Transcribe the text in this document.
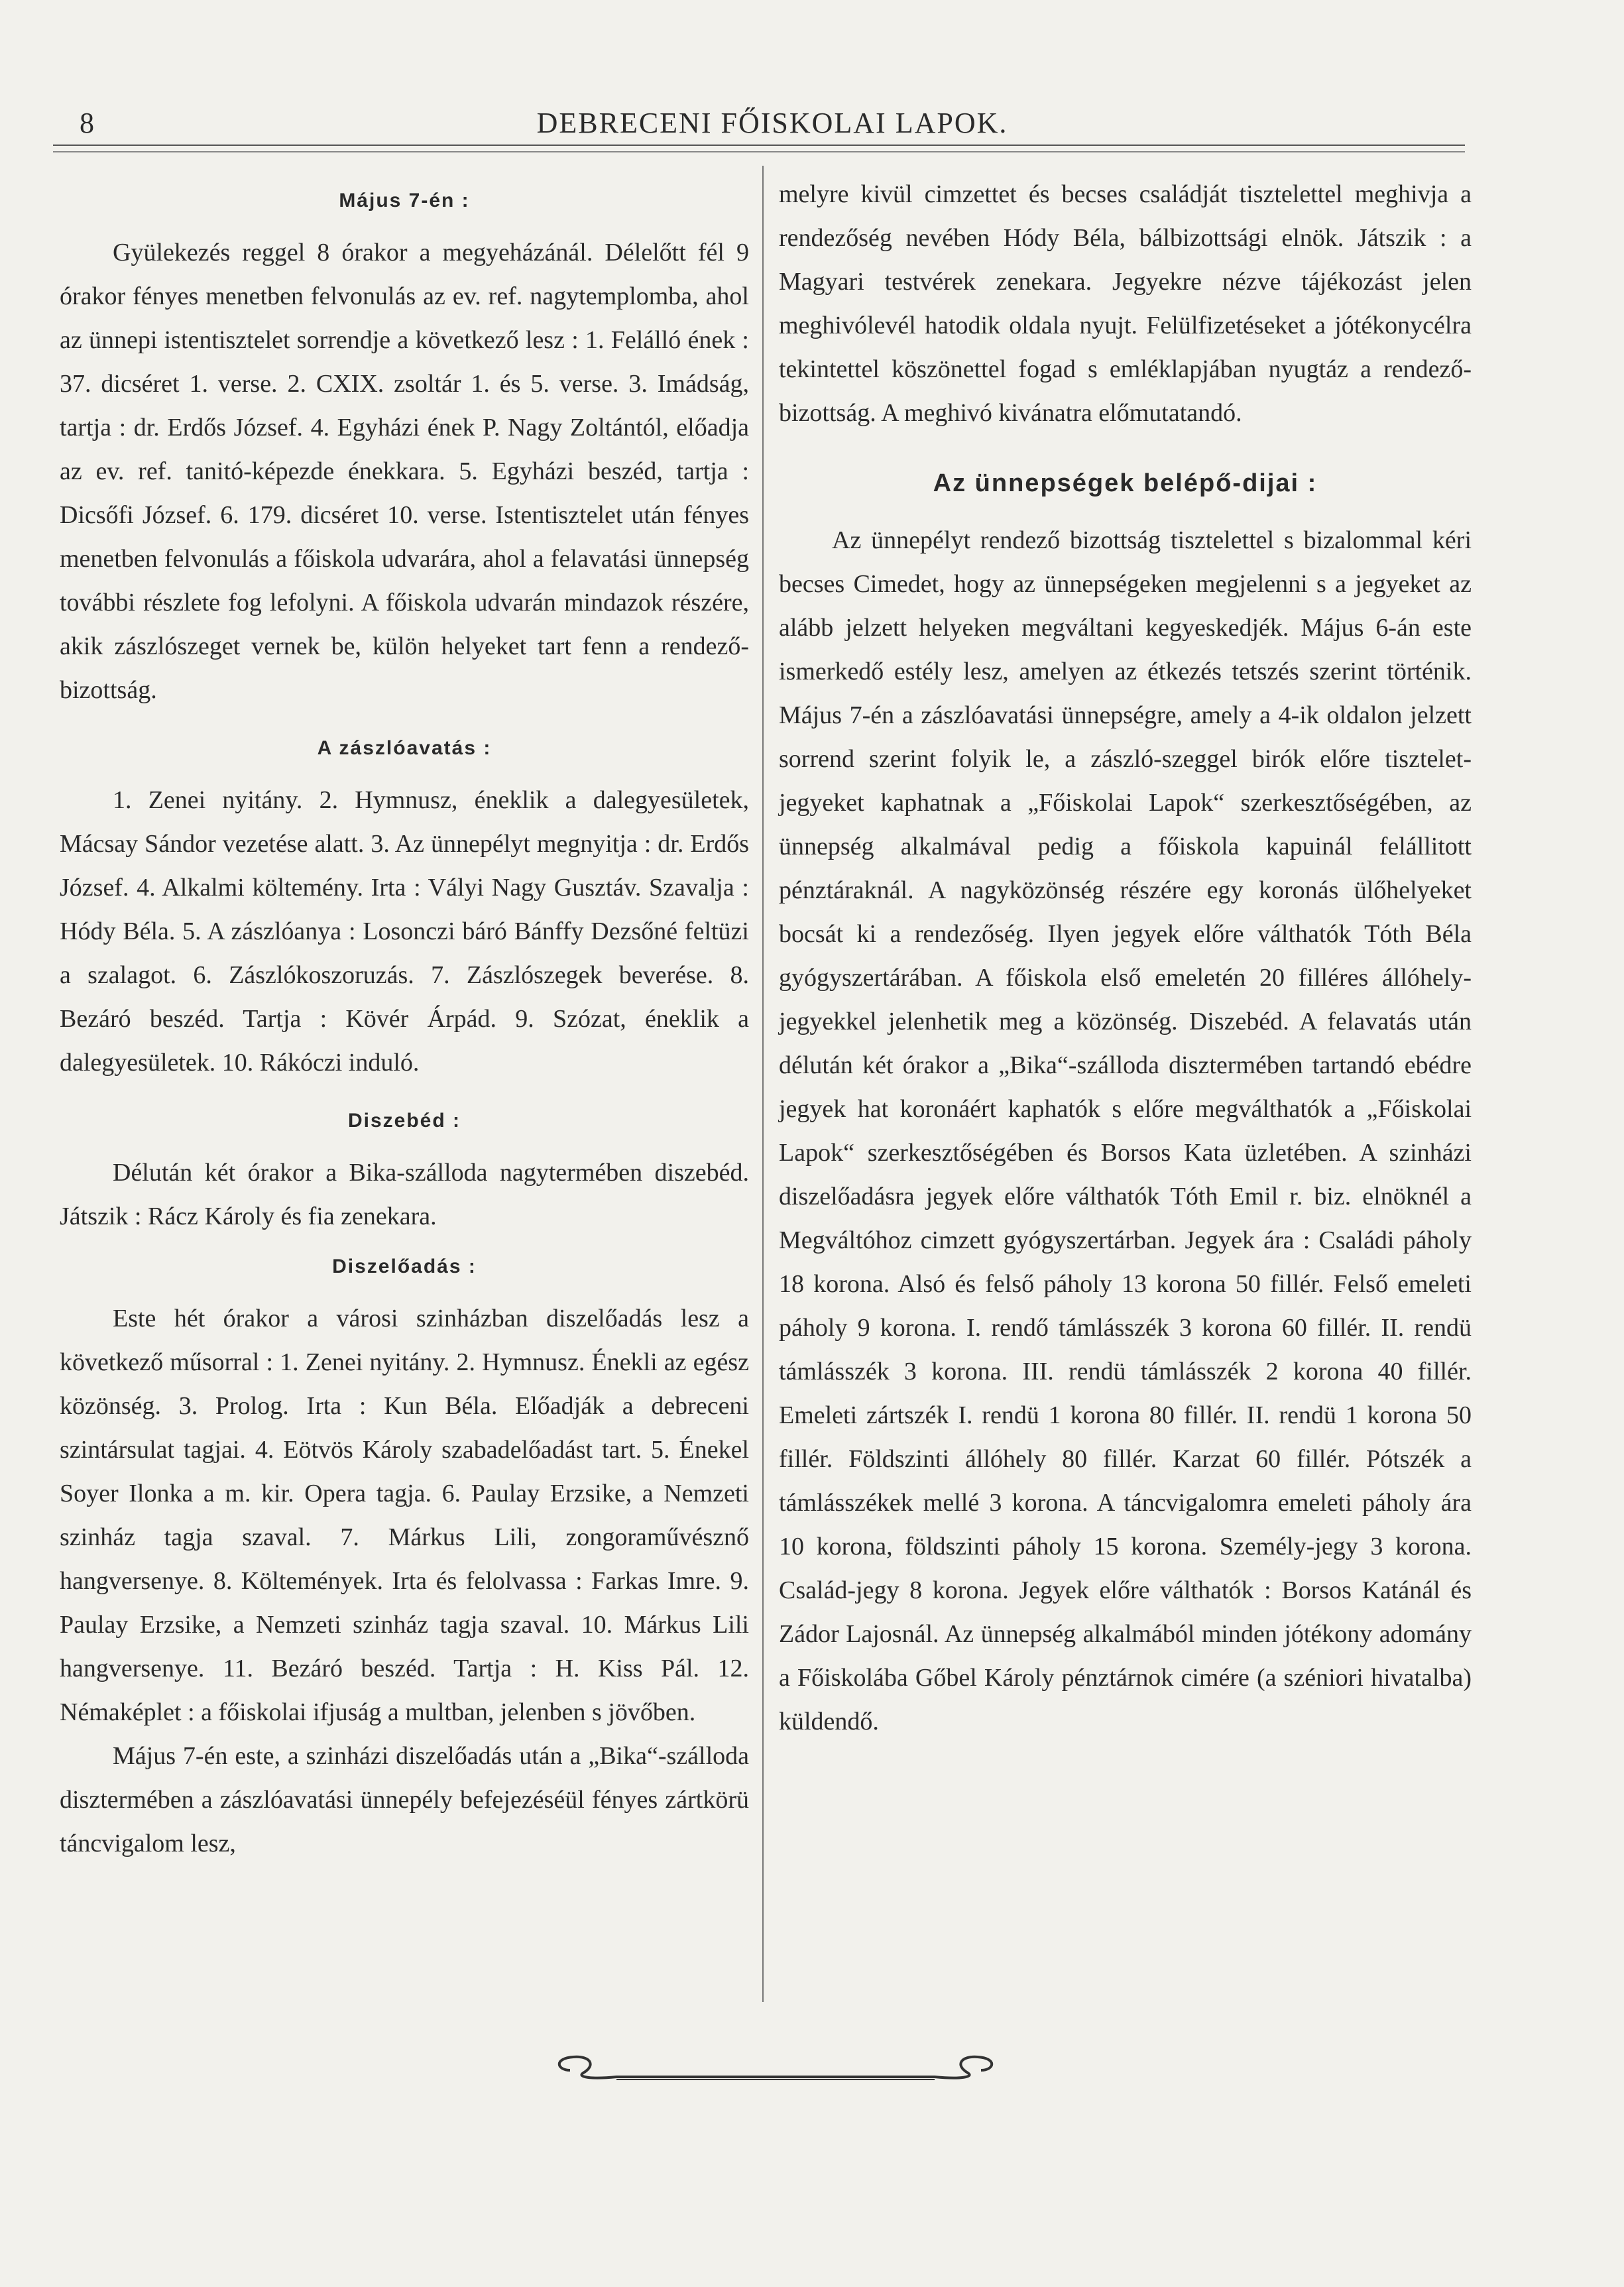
8	DEBRECENI FŐISKOLAI LAPOK.
Május 7-én :

Gyülekezés reggel 8 órakor a megyeházánál. Délelőtt fél 9 órakor fényes menetben felvonulás az ev. ref. nagytemplomba, ahol az ünnepi istentisztelet sorrendje a következő lesz : 1. Felálló ének : 37. dicséret 1. verse. 2. CXIX. zsoltár 1. és 5. verse. 3. Imádság, tartja : dr. Erdős József. 4. Egyházi ének P. Nagy Zoltántól, előadja az ev. ref. tanitó-képezde énekkara. 5. Egyházi beszéd, tartja : Dicsőfi József. 6. 179. dicséret 10. verse. Istentisztelet után fényes menetben felvonulás a főiskola udvarára, ahol a felavatási ünnepség további részlete fog lefolyni. A főiskola udvarán mindazok részére, akik zászlószeget vernek be, külön helyeket tart fenn a rendező-bizottság.

A zászlóavatás :

1. Zenei nyitány. 2. Hymnusz, éneklik a dalegyesületek, Mácsay Sándor vezetése alatt. 3. Az ünnepélyt megnyitja : dr. Erdős József. 4. Alkalmi költemény. Irta : Vályi Nagy Gusztáv. Szavalja : Hódy Béla. 5. A zászlóanya : Losonczi báró Bánffy Dezsőné feltüzi a szalagot. 6. Zászlókoszoruzás. 7. Zászlószegek beverése. 8. Bezáró beszéd. Tartja : Kövér Árpád. 9. Szózat, éneklik a dalegyesületek. 10. Rákóczi induló.

Diszebéd :

Délután két órakor a Bika-szálloda nagytermében diszebéd. Játszik : Rácz Károly és fia zenekara.

Diszelőadás :

Este hét órakor a városi szinházban diszelőadás lesz a következő műsorral : 1. Zenei nyitány. 2. Hymnusz. Énekli az egész közönség. 3. Prolog. Irta : Kun Béla. Előadják a debreceni szintársulat tagjai. 4. Eötvös Károly szabadelőadást tart. 5. Énekel Soyer Ilonka a m. kir. Opera tagja. 6. Paulay Erzsike, a Nemzeti szinház tagja szaval. 7. Márkus Lili, zongoraművésznő hangversenye. 8. Költemények. Irta és felolvassa : Farkas Imre. 9. Paulay Erzsike, a Nemzeti szinház tagja szaval. 10. Márkus Lili hangversenye. 11. Bezáró beszéd. Tartja : H. Kiss Pál. 12. Némaképlet : a főiskolai ifjuság a multban, jelenben s jövőben.

Május 7-én este, a szinházi diszelőadás után a „Bika“-szálloda disztermében a zászlóavatási ünnepély befejezéséül fényes zártkörü táncvigalom lesz,

melyre kivül cimzettet és becses családját tisztelettel meghivja a rendezőség nevében Hódy Béla, bálbizottsági elnök. Játszik : a Magyari testvérek zenekara. Jegyekre nézve tájékozást jelen meghivólevél hatodik oldala nyujt. Felülfizetéseket a jótékonycélra tekintettel köszönettel fogad s emléklapjában nyugtáz a rendező-bizottság. A meghivó kivánatra előmutatandó.

Az ünnepségek belépő-dijai :

Az ünnepélyt rendező bizottság tisztelettel s bizalommal kéri becses Cimedet, hogy az ünnepségeken megjelenni s a jegyeket az alább jelzett helyeken megváltani kegyeskedjék. Május 6-án este ismerkedő estély lesz, amelyen az étkezés tetszés szerint történik. Május 7-én a zászlóavatási ünnepségre, amely a 4-ik oldalon jelzett sorrend szerint folyik le, a zászló-szeggel birók előre tisztelet-jegyeket kaphatnak a „Főiskolai Lapok“ szerkesztőségében, az ünnepség alkalmával pedig a főiskola kapuinál felállitott pénztáraknál. A nagyközönség részére egy koronás ülőhelyeket bocsát ki a rendezőség. Ilyen jegyek előre válthatók Tóth Béla gyógyszertárában. A főiskola első emeletén 20 filléres állóhely-jegyekkel jelenhetik meg a közönség. Diszebéd. A felavatás után délután két órakor a „Bika“-szálloda disztermében tartandó ebédre jegyek hat koronáért kaphatók s előre megválthatók a „Főiskolai Lapok“ szerkesztőségében és Borsos Kata üzletében. A szinházi diszelőadásra jegyek előre válthatók Tóth Emil r. biz. elnöknél a Megváltóhoz cimzett gyógyszertárban. Jegyek ára : Családi páholy 18 korona. Alsó és felső páholy 13 korona 50 fillér. Felső emeleti páholy 9 korona. I. rendő támlásszék 3 korona 60 fillér. II. rendü támlásszék 3 korona. III. rendü támlásszék 2 korona 40 fillér. Emeleti zártszék I. rendü 1 korona 80 fillér. II. rendü 1 korona 50 fillér. Földszinti állóhely 80 fillér. Karzat 60 fillér. Pótszék a támlásszékek mellé 3 korona. A táncvigalomra emeleti páholy ára 10 korona, földszinti páholy 15 korona. Személy-jegy 3 korona. Család-jegy 8 korona. Jegyek előre válthatók : Borsos Katánál és Zádor Lajosnál. Az ünnepség alkalmából minden jótékony adomány a Főiskolába Gőbel Károly pénztárnok cimére (a széniori hivatalba) küldendő.
